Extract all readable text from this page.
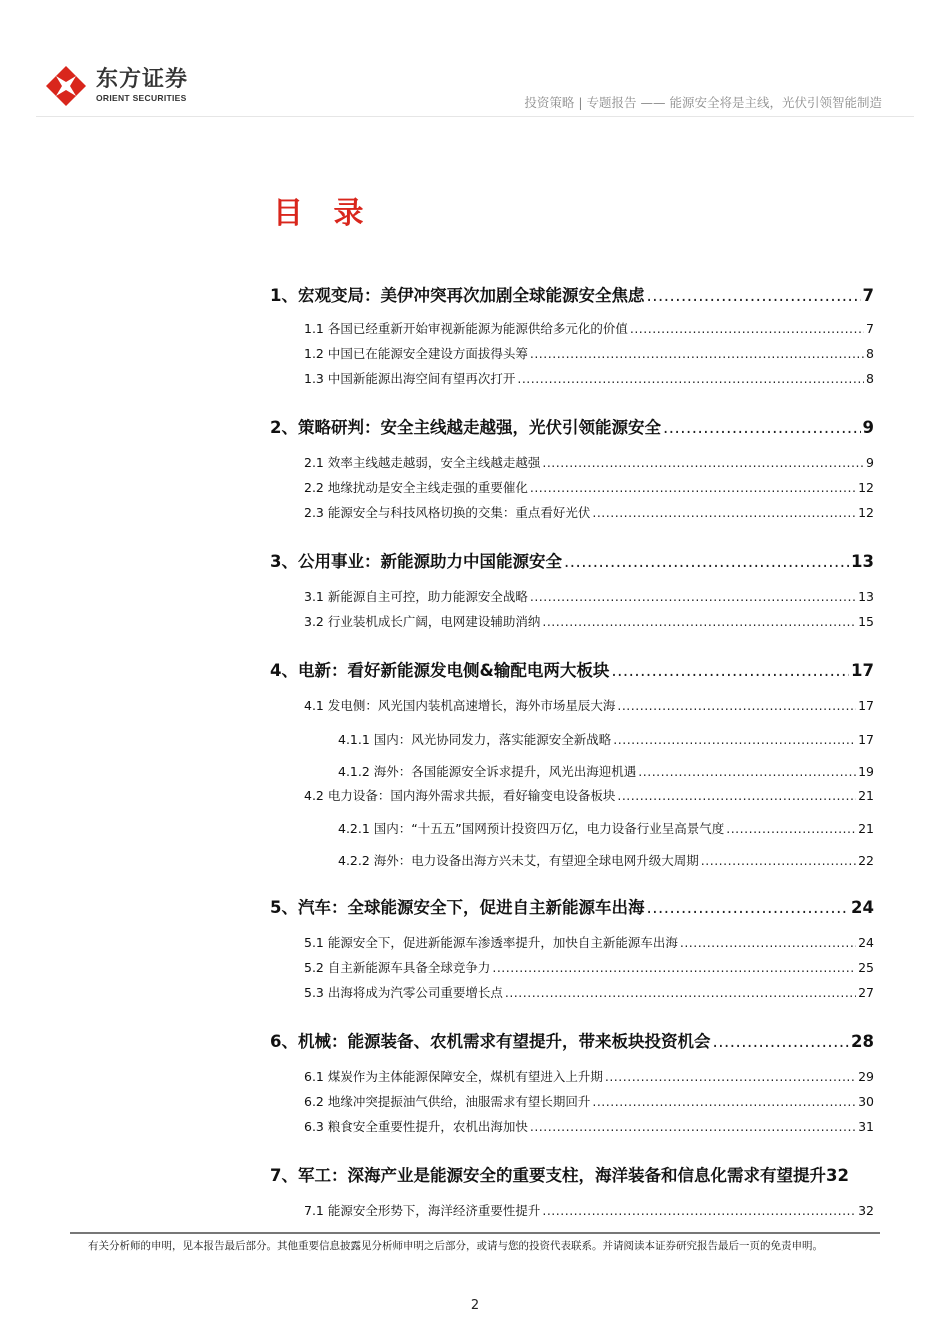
东方证券
ORIENT SECURITIES	投资策略 | 专题报告 —— 能源安全将是主线，光伏引领智能制造
目 录
1、宏观变局：美伊冲突再次加剧全球能源安全焦虑 .....	7
1.1 各国已经重新开始审视新能源为能源供给多元化的价值 .....	7
1.2 中国已在能源安全建设方面拔得头筹 .....	8
1.3 中国新能源出海空间有望再次打开 .....	8
2、策略研判：安全主线越走越强，光伏引领能源安全 .....	9
2.1 效率主线越走越弱，安全主线越走越强 .....	9
2.2 地缘扰动是安全主线走强的重要催化 .....	12
2.3 能源安全与科技风格切换的交集：重点看好光伏 .....	12
3、公用事业：新能源助力中国能源安全 .....	13
3.1 新能源自主可控，助力能源安全战略 .....	13
3.2 行业装机成长广阔，电网建设辅助消纳 .....	15
4、电新：看好新能源发电侧&输配电两大板块 .....	17
4.1 发电侧：风光国内装机高速增长，海外市场星辰大海 .....	17
4.1.1 国内：风光协同发力，落实能源安全新战略 .....	17
4.1.2 海外：各国能源安全诉求提升，风光出海迎机遇 .....	19
4.2 电力设备：国内海外需求共振，看好输变电设备板块 .....	21
4.2.1 国内：“十五五”国网预计投资四万亿，电力设备行业呈高景气度 .....	21
4.2.2 海外：电力设备出海方兴未艾，有望迎全球电网升级大周期 .....	22
5、汽车：全球能源安全下，促进自主新能源车出海 .....	24
5.1 能源安全下，促进新能源车渗透率提升，加快自主新能源车出海 .....	24
5.2 自主新能源车具备全球竞争力 .....	25
5.3 出海将成为汽零公司重要增长点 .....	27
6、机械：能源装备、农机需求有望提升，带来板块投资机会 .....	28
6.1 煤炭作为主体能源保障安全，煤机有望进入上升期 .....	29
6.2 地缘冲突提振油气供给，油服需求有望长期回升 .....	30
6.3 粮食安全重要性提升，农机出海加快 .....	31
7、军工：深海产业是能源安全的重要支柱，海洋装备和信息化需求有望提升 32
7.1 能源安全形势下，海洋经济重要性提升 .....	32
有关分析师的申明，见本报告最后部分。其他重要信息披露见分析师申明之后部分，或请与您的投资代表联系。并请阅读本证券研究报告最后一页的免责申明。
2
